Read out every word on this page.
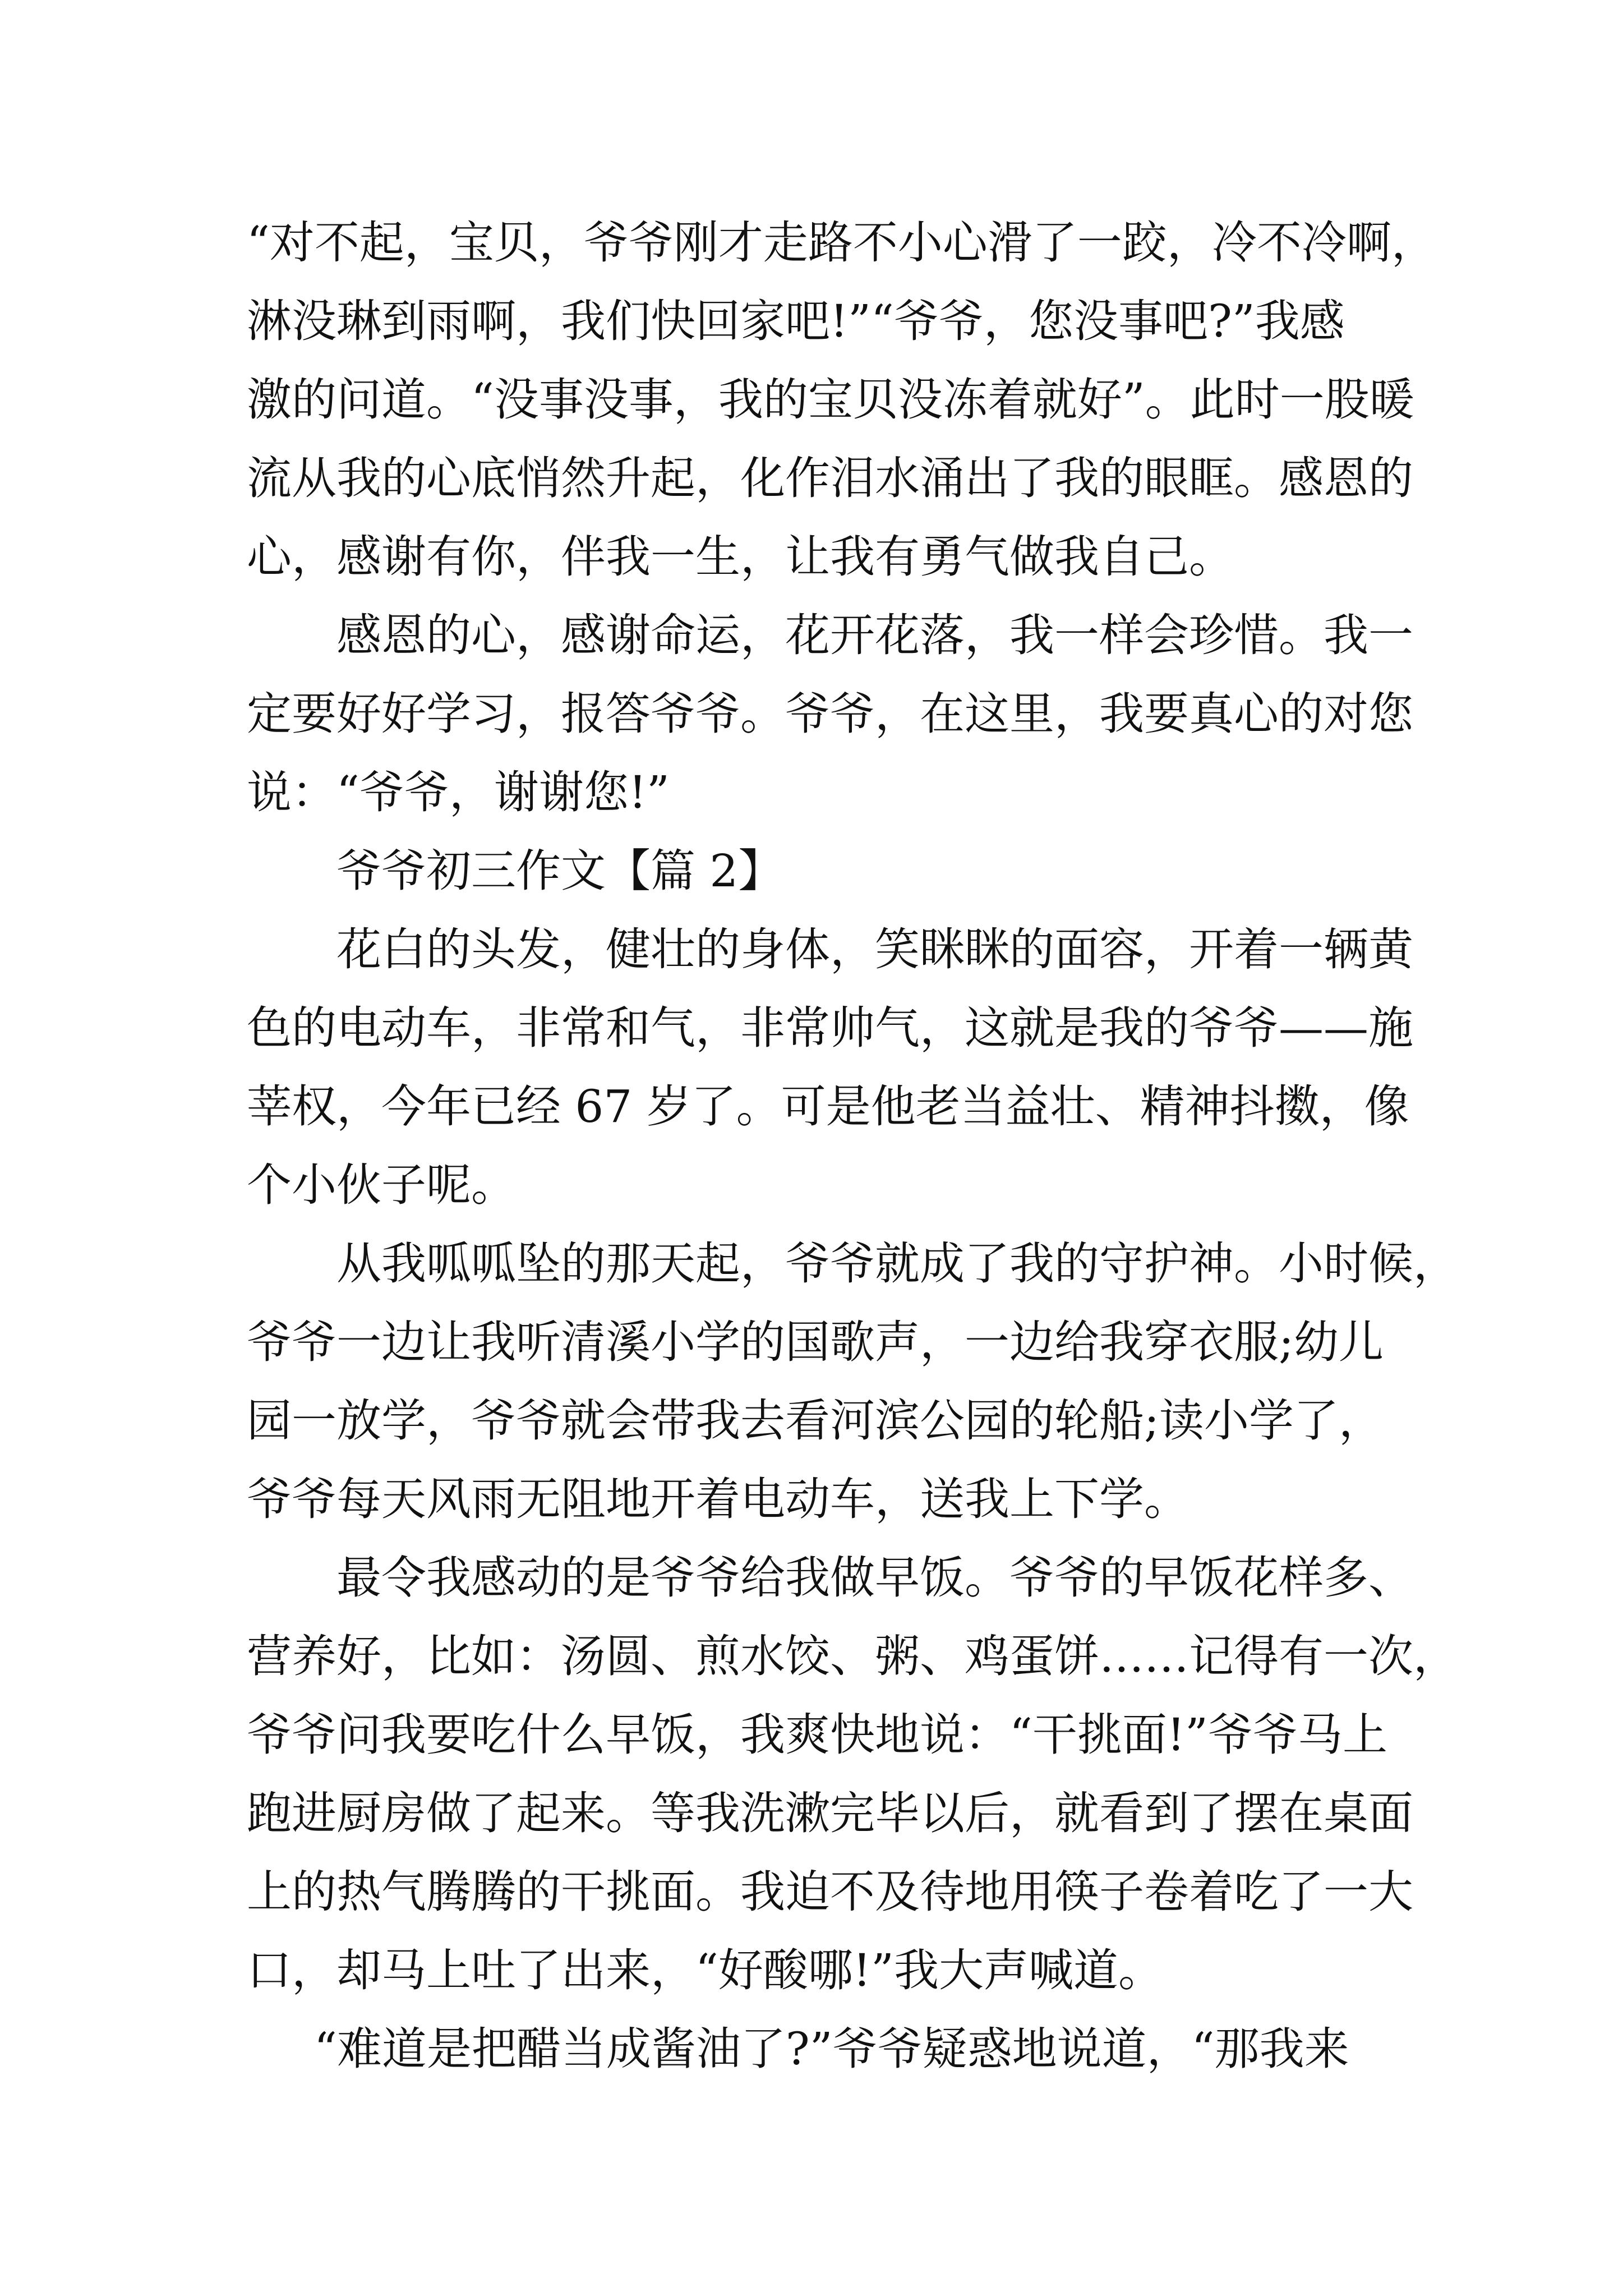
“对不起，宝贝，爷爷刚才走路不小心滑了一跤，冷不冷啊，
淋没琳到雨啊，我们快回家吧!”“爷爷，您没事吧?”我感
激的问道。“没事没事，我的宝贝没冻着就好”。此时一股暖
流从我的心底悄然升起，化作泪水涌出了我的眼眶。感恩的
心，感谢有你，伴我一生，让我有勇气做我自己。
感恩的心，感谢命运，花开花落，我一样会珍惜。我一
定要好好学习，报答爷爷。爷爷，在这里，我要真心的对您
说：“爷爷，谢谢您!”
爷爷初三作文【篇 2】
花白的头发，健壮的身体，笑眯眯的面容，开着一辆黄
色的电动车，非常和气，非常帅气，这就是我的爷爷——施
莘权，今年已经 67 岁了。可是他老当益壮、精神抖擞，像
个小伙子呢。
从我呱呱坠的那天起，爷爷就成了我的守护神。小时候，
爷爷一边让我听清溪小学的国歌声，一边给我穿衣服;幼儿
园一放学，爷爷就会带我去看河滨公园的轮船;读小学了，
爷爷每天风雨无阻地开着电动车，送我上下学。
最令我感动的是爷爷给我做早饭。爷爷的早饭花样多、
营养好，比如：汤圆、煎水饺、粥、鸡蛋饼……记得有一次，
爷爷问我要吃什么早饭，我爽快地说：“干挑面!”爷爷马上
跑进厨房做了起来。等我洗漱完毕以后，就看到了摆在桌面
上的热气腾腾的干挑面。我迫不及待地用筷子卷着吃了一大
口，却马上吐了出来，“好酸哪!”我大声喊道。
“难道是把醋当成酱油了?”爷爷疑惑地说道，“那我来
